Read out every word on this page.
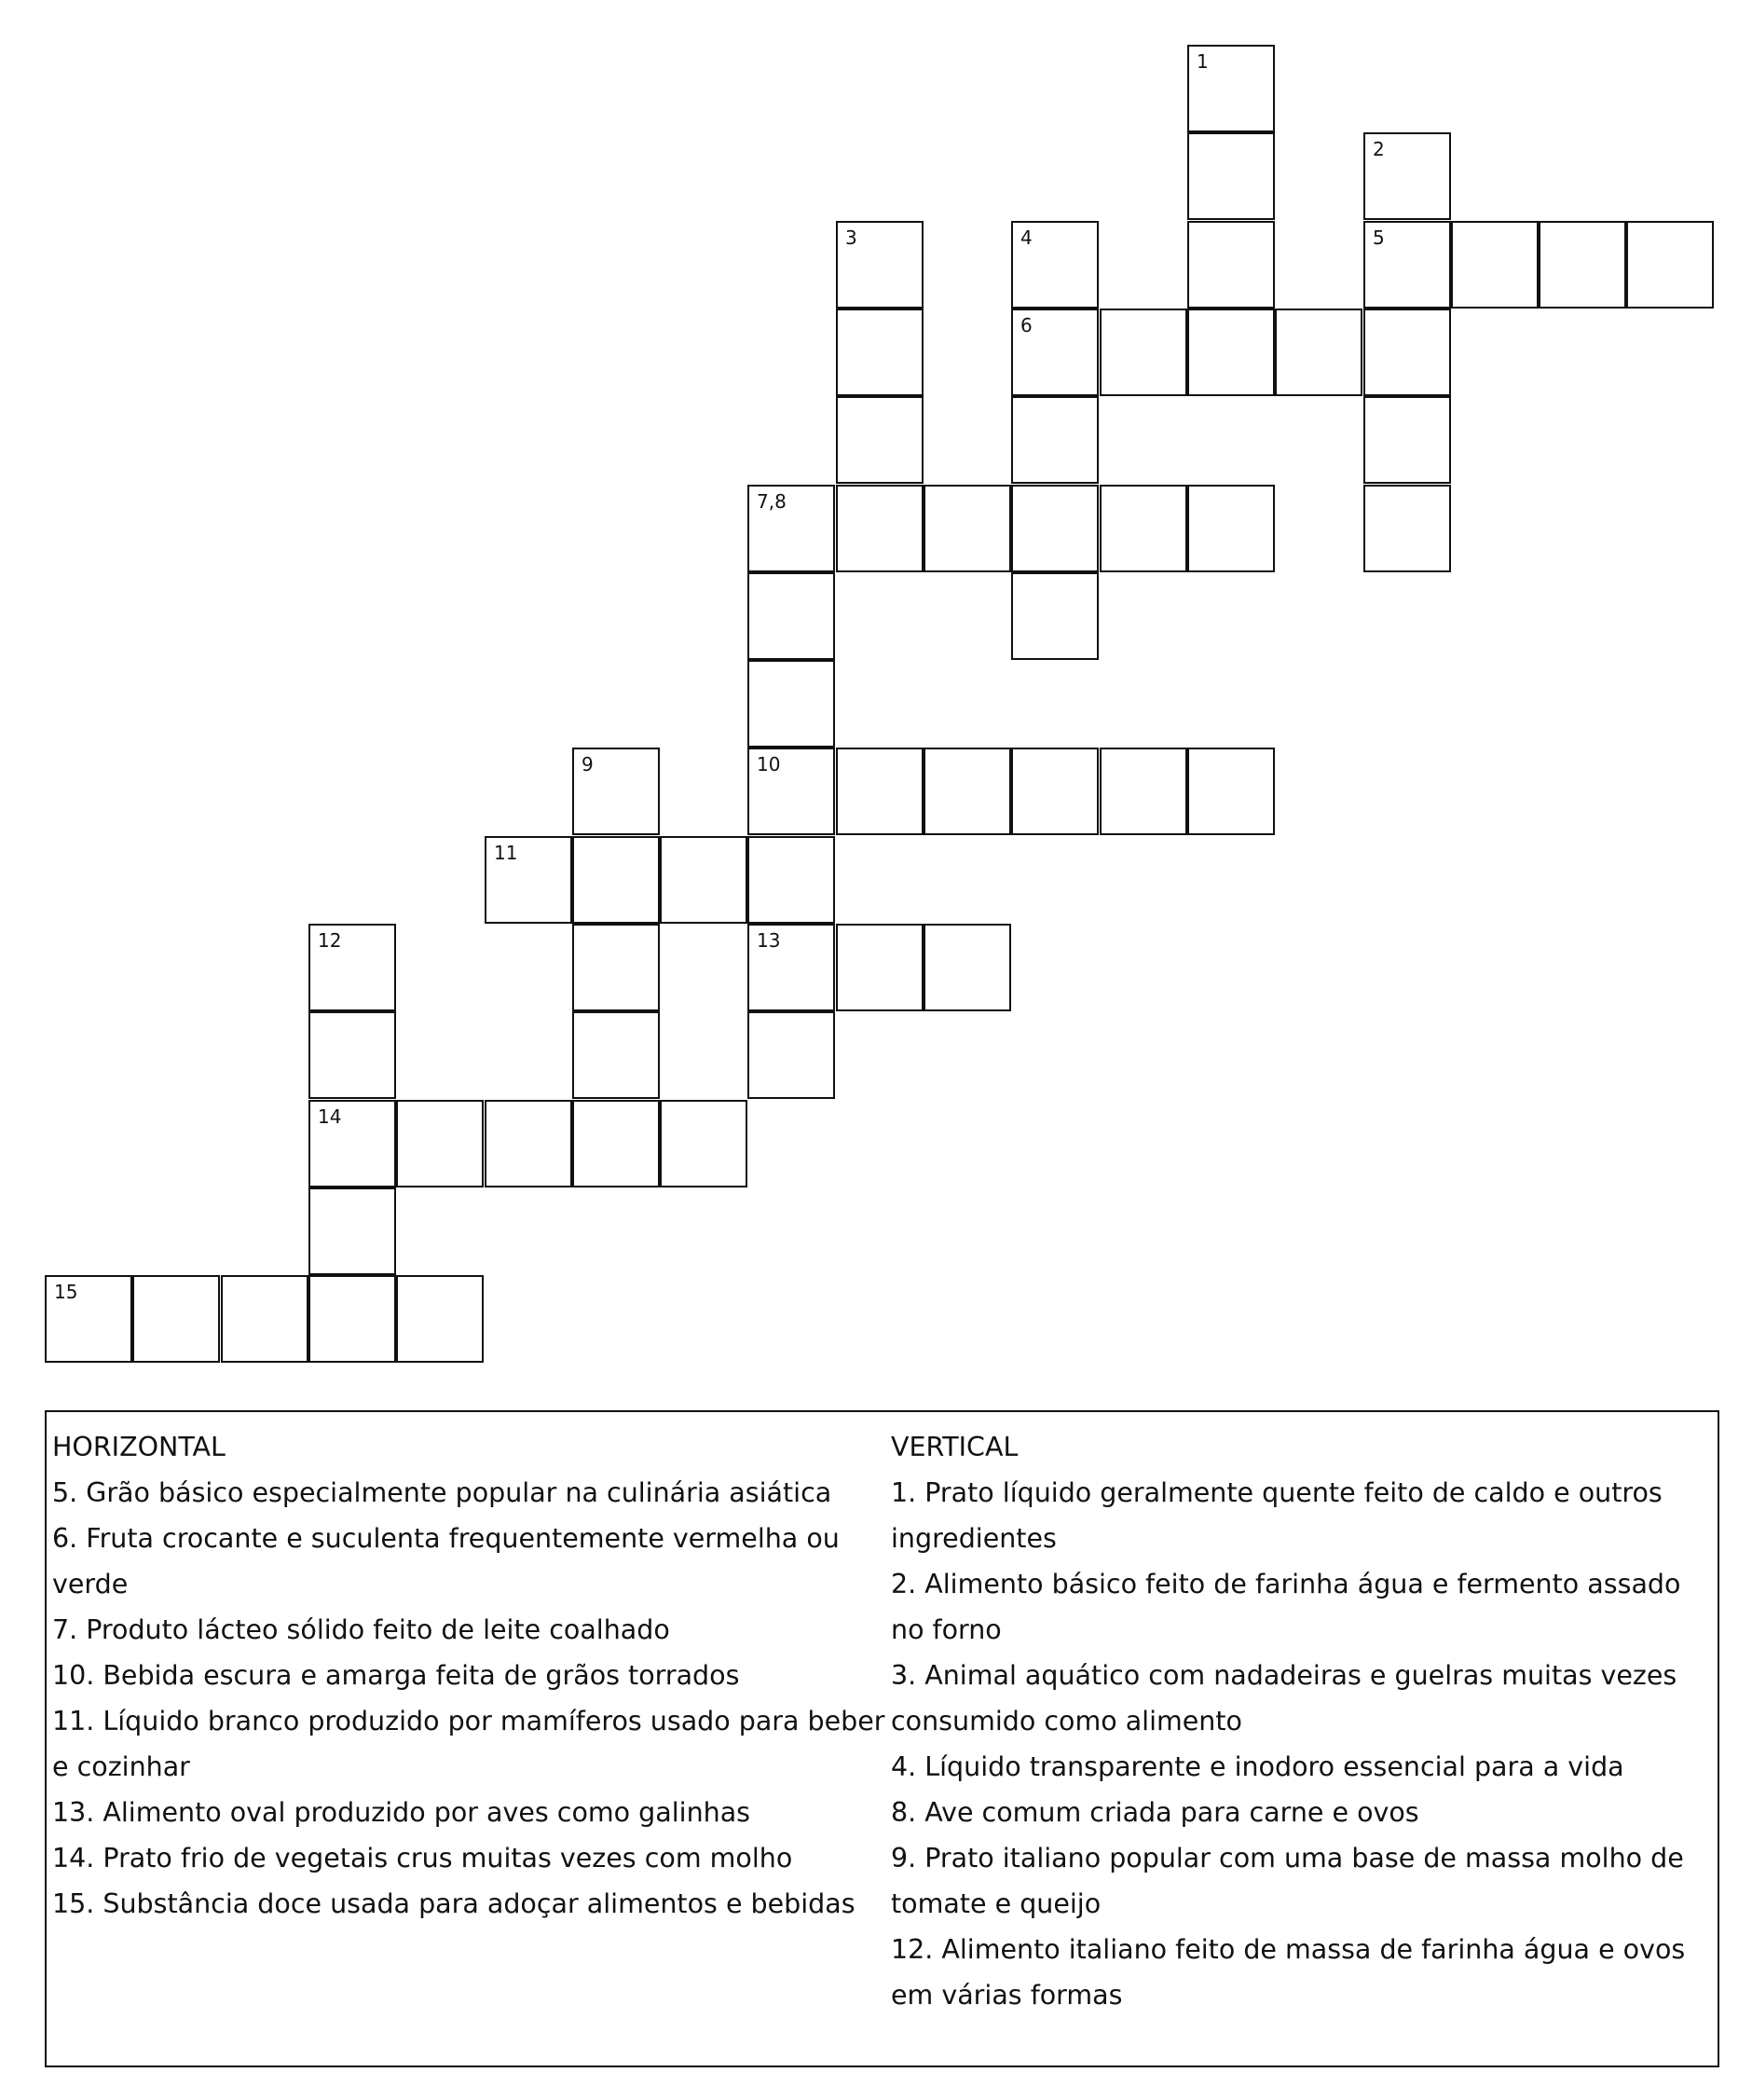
1
2
3	4	5
6
7,8
9	10
11
12	13
14
15
HORIZONTAL
5. Grão básico especialmente popular na culinária asiática
6. Fruta crocante e suculenta frequentemente vermelha ou verde
7. Produto lácteo sólido feito de leite coalhado
10. Bebida escura e amarga feita de grãos torrados
11. Líquido branco produzido por mamíferos usado para beber e cozinhar
13. Alimento oval produzido por aves como galinhas
14. Prato frio de vegetais crus muitas vezes com molho
15. Substância doce usada para adoçar alimentos e bebidas
VERTICAL
1. Prato líquido geralmente quente feito de caldo e outros ingredientes
2. Alimento básico feito de farinha água e fermento assado no forno
3. Animal aquático com nadadeiras e guelras muitas vezes consumido como alimento
4. Líquido transparente e inodoro essencial para a vida
8. Ave comum criada para carne e ovos
9. Prato italiano popular com uma base de massa molho de tomate e queijo
12. Alimento italiano feito de massa de farinha água e ovos em várias formas
